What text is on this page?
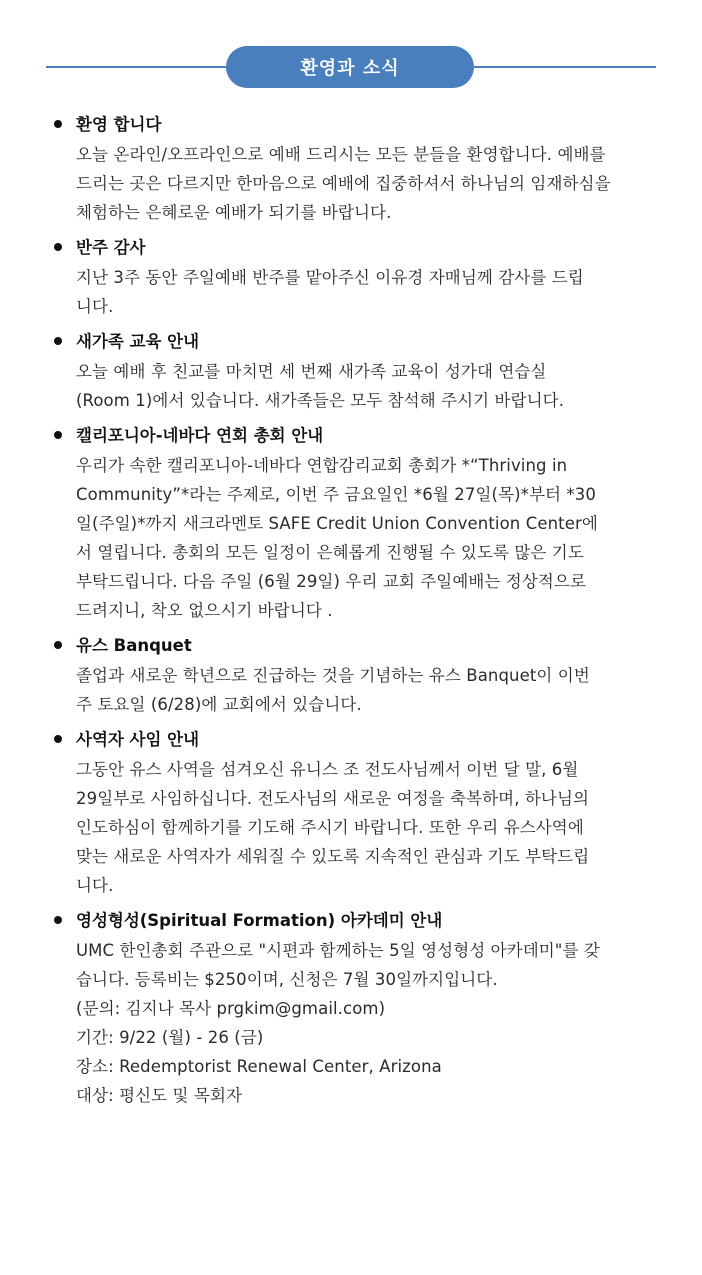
환영과 소식
환영 합니다
오늘 온라인/오프라인으로 예배 드리시는 모든 분들을 환영합니다. 예배를
드리는 곳은 다르지만 한마음으로 예배에 집중하셔서 하나님의 임재하심을
체험하는 은혜로운 예배가 되기를 바랍니다.
반주 감사
지난 3주 동안 주일예배 반주를 맡아주신 이유경 자매님께 감사를 드립
니다.
새가족 교육 안내
오늘 예배 후 친교를 마치면 세 번째 새가족 교육이 성가대 연습실
(Room 1)에서 있습니다. 새가족들은 모두 참석해 주시기 바랍니다.
캘리포니아-네바다 연회 총회 안내
우리가 속한 캘리포니아-네바다 연합감리교회 총회가 *“Thriving in
Community”*라는 주제로, 이번 주 금요일인 *6월 27일(목)*부터 *30
일(주일)*까지 새크라멘토 SAFE Credit Union Convention Center에
서 열립니다. 총회의 모든 일정이 은혜롭게 진행될 수 있도록 많은 기도
부탁드립니다. 다음 주일 (6월 29일) 우리 교회 주일예배는 정상적으로
드려지니, 착오 없으시기 바랍니다 .
유스 Banquet
졸업과 새로운 학년으로 진급하는 것을 기념하는 유스 Banquet이 이번
주 토요일 (6/28)에 교회에서 있습니다.
사역자 사임 안내
그동안 유스 사역을 섬겨오신 유니스 조 전도사님께서 이번 달 말, 6월
29일부로 사임하십니다. 전도사님의 새로운 여정을 축복하며, 하나님의
인도하심이 함께하기를 기도해 주시기 바랍니다. 또한 우리 유스사역에
맞는 새로운 사역자가 세워질 수 있도록 지속적인 관심과 기도 부탁드립
니다.
영성형성(Spiritual Formation) 아카데미 안내
UMC 한인총회 주관으로 "시편과 함께하는 5일 영성형성 아카데미"를 갖
습니다. 등록비는 $250이며, 신청은 7월 30일까지입니다.
(문의: 김지나 목사 prgkim@gmail.com)
기간: 9/22 (월) - 26 (금)
장소: Redemptorist Renewal Center, Arizona
대상: 평신도 및 목회자
